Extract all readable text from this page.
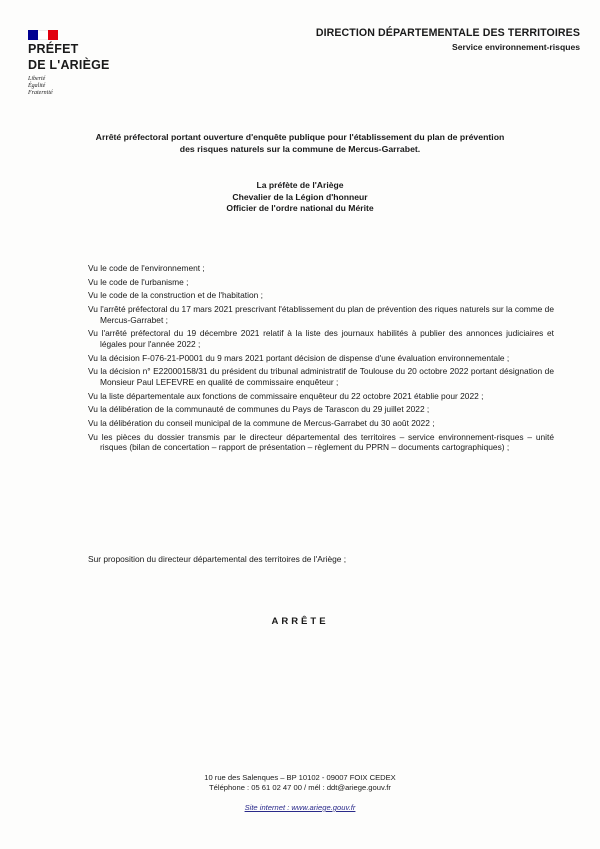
PRÉFET
DE L'ARIÈGE
Liberté
Égalité
Fraternité
DIRECTION DÉPARTEMENTALE DES TERRITOIRES
Service environnement-risques
Arrêté préfectoral portant ouverture d'enquête publique pour l'établissement du plan de prévention
des risques naturels sur la commune de Mercus-Garrabet.
La préfète de l'Ariège
Chevalier de la Légion d'honneur
Officier de l'ordre national du Mérite
Vu le code de l'environnement ;
Vu le code de l'urbanisme ;
Vu le code de la construction et de l'habitation ;
Vu l'arrêté préfectoral du 17 mars 2021 prescrivant l'établissement du plan de prévention des riques naturels sur la comme de Mercus-Garrabet ;
Vu l'arrêté préfectoral du 19 décembre 2021 relatif à la liste des journaux habilités à publier des annonces judiciaires et légales pour l'année 2022 ;
Vu la décision F-076-21-P0001 du 9 mars 2021 portant décision de dispense d'une évaluation environnementale ;
Vu la décision n° E22000158/31 du président du tribunal administratif de Toulouse du 20 octobre 2022 portant désignation de Monsieur Paul LEFEVRE en qualité de commissaire enquêteur ;
Vu la liste départementale aux fonctions de commissaire enquêteur du 22 octobre 2021 établie pour 2022 ;
Vu la délibération de la communauté de communes du Pays de Tarascon du 29 juillet 2022 ;
Vu la délibération du conseil municipal de la commune de Mercus-Garrabet du 30 août 2022 ;
Vu les pièces du dossier transmis par le directeur départemental des territoires – service environnement-risques – unité risques (bilan de concertation – rapport de présentation – règlement du PPRN – documents cartographiques) ;
Sur proposition du directeur départemental des territoires de l'Ariège ;
ARRÊTE
10 rue des Salenques – BP 10102 - 09007 FOIX CEDEX
Téléphone : 05 61 02 47 00 / mél : ddt@ariege.gouv.fr
Site internet : www.ariege.gouv.fr
